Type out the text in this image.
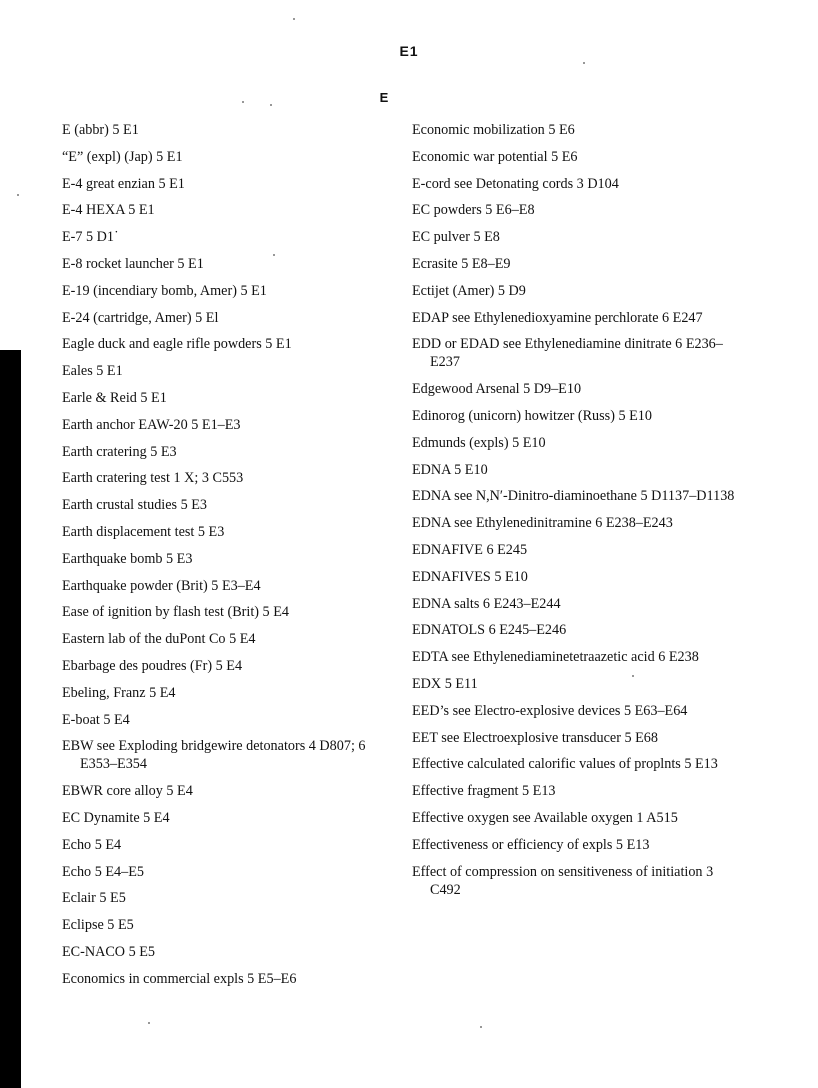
E1
E
E (abbr) 5 E1
“E” (expl) (Jap) 5 E1
E-4 great enzian 5 E1
E-4 HEXA 5 E1
E-7 5 D1˙
E-8 rocket launcher 5 E1
E-19 (incendiary bomb, Amer) 5 E1
E-24 (cartridge, Amer) 5 El
Eagle duck and eagle rifle powders 5 E1
Eales 5 E1
Earle & Reid 5 E1
Earth anchor EAW-20 5 E1–E3
Earth cratering 5 E3
Earth cratering test 1 X; 3 C553
Earth crustal studies 5 E3
Earth displacement test 5 E3
Earthquake bomb 5 E3
Earthquake powder (Brit) 5 E3–E4
Ease of ignition by flash test (Brit) 5 E4
Eastern lab of the duPont Co 5 E4
Ebarbage des poudres (Fr) 5 E4
Ebeling, Franz 5 E4
E-boat 5 E4
EBW see Exploding bridgewire detonators 4 D807; 6 E353–E354
EBWR core alloy 5 E4
EC Dynamite 5 E4
Echo 5 E4
Echo 5 E4–E5
Eclair 5 E5
Eclipse 5 E5
EC-NACO 5 E5
Economics in commercial expls 5 E5–E6
Economic mobilization 5 E6
Economic war potential 5 E6
E-cord see Detonating cords 3 D104
EC powders 5 E6–E8
EC pulver 5 E8
Ecrasite 5 E8–E9
Ectijet (Amer) 5 D9
EDAP see Ethylenedioxyamine perchlorate 6 E247
EDD or EDAD see Ethylenediamine dinitrate 6 E236–E237
Edgewood Arsenal 5 D9–E10
Edinorog (unicorn) howitzer (Russ) 5 E10
Edmunds (expls) 5 E10
EDNA 5 E10
EDNA see N,N′-Dinitro-diaminoethane 5 D1137–D1138
EDNA see Ethylenedinitramine 6 E238–E243
EDNAFIVE 6 E245
EDNAFIVES 5 E10
EDNA salts 6 E243–E244
EDNATOLS 6 E245–E246
EDTA see Ethylenediaminetetraazetic acid 6 E238
EDX 5 E11
EED’s see Electro-explosive devices 5 E63–E64
EET see Electroexplosive transducer 5 E68
Effective calculated calorific values of proplnts 5 E13
Effective fragment 5 E13
Effective oxygen see Available oxygen 1 A515
Effectiveness or efficiency of expls 5 E13
Effect of compression on sensitiveness of initiation 3 C492
